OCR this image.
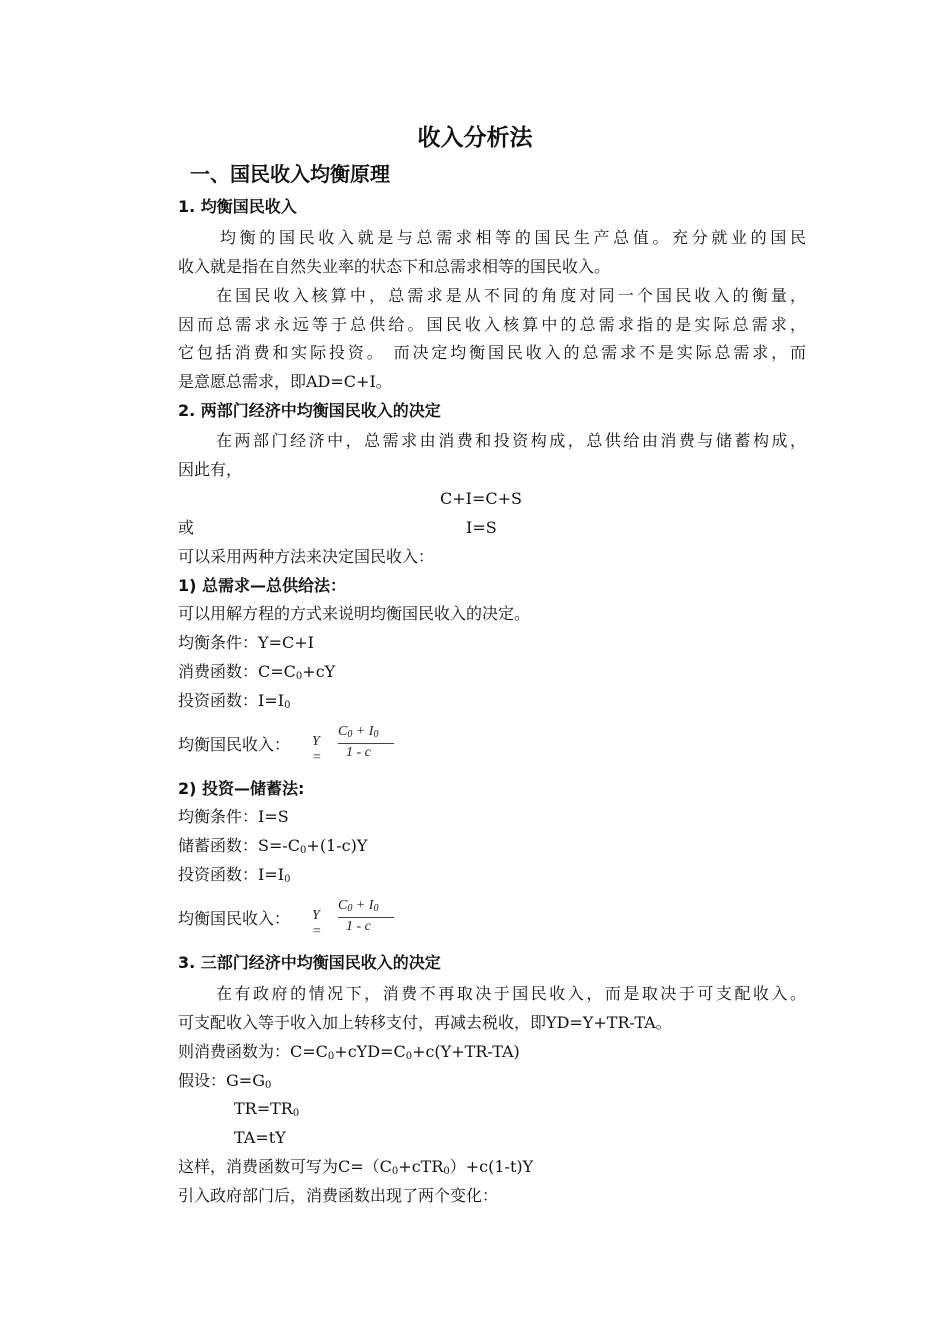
收入分析法
一、国民收入均衡原理
1. 均衡国民收入
均衡的国民收入就是与总需求相等的国民生产总值。充分就业的国民
收入就是指在自然失业率的状态下和总需求相等的国民收入。
在国民收入核算中，总需求是从不同的角度对同一个国民收入的衡量，
因而总需求永远等于总供给。国民收入核算中的总需求指的是实际总需求，
它包括消费和实际投资。 而决定均衡国民收入的总需求不是实际总需求，而
是意愿总需求，即AD=C+I。
2. 两部门经济中均衡国民收入的决定
在两部门经济中，总需求由消费和投资构成，总供给由消费与储蓄构成，
因此有，
C+I=C+S
或	I=S
可以采用两种方法来决定国民收入：
1) 总需求—总供给法：
可以用解方程的方式来说明均衡国民收入的决定。
均衡条件：Y=C+I
消费函数：$C=C_0+cY$
投资函数：$I=I_0$
均衡国民收入： Y =
$C_0 + I_0$
1 - c
2) 投资—储蓄法:
均衡条件：I=S
储蓄函数：$S=-C_0+(1-c)Y$
投资函数：$I=I_0$
均衡国民收入： Y =
$C_0 + I_0$
1 - c
3. 三部门经济中均衡国民收入的决定
在有政府的情况下，消费不再取决于国民收入，而是取决于可支配收入。
可支配收入等于收入加上转移支付，再减去税收，即YD=Y+TR-TA。
则消费函数为：$C=C_0+cYD=C_0+c(Y+TR-TA)$
假设：$G=G_0$
$TR=TR_0$
TA=tY
这样，消费函数可写为$C=(C_0+cTR_0)+c(1-t)Y$
引入政府部门后，消费函数出现了两个变化：
